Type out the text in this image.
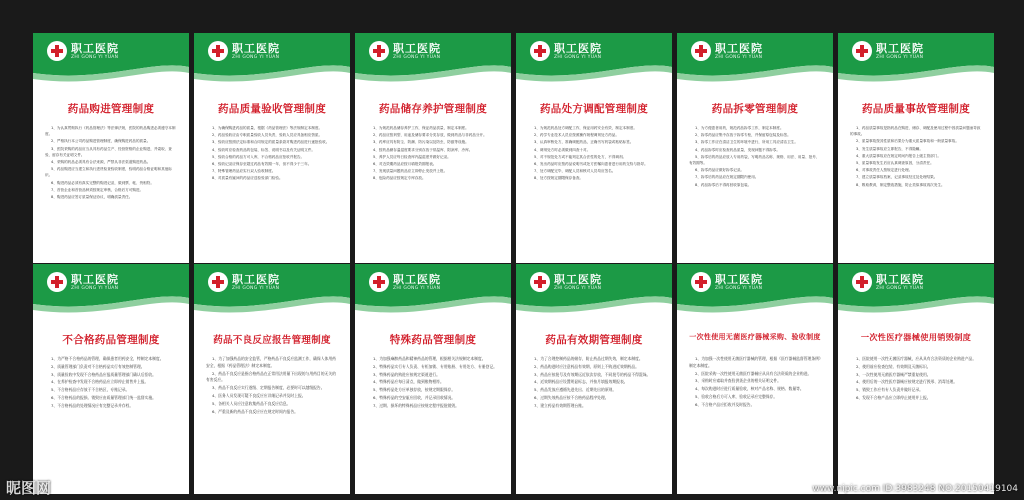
职工医院
ZHI GONG YI YUAN
药品购进管理制度
1、为认真贯彻执行《药品管理法》等法律法规，医院的药品购进必须遵守本制度。
2、严格执行本公司药品购进管理制度，确保购进药品的质量。
3、医院采购的药品应当从具有药品生产、经营资格的企业购进，并索取、查验、留存有关证明文件。
4、采购的药品必须具有合法来源，严禁从非法渠道购进药品。
5、药品购进应当建立和执行进货检查验收制度，验明药品合格证明和其他标识。
6、购进药品必须有真实完整的购进记录，做到票、帐、货相符。
7、首营企业和首营品种须按规定审核，合格后方可购进。
8、购进药品应签订质量保证协议，明确质量责任。
职工医院
ZHI GONG YI YUAN
药品质量验收管理制度
1、为确保购进药品的质量，根据《药品管理法》等法规制定本制度。
2、药品验收应由专职质量验收人员负责，验收人员应具备相应资质。
3、验收应按照法定标准和合同规定的质量条款对购进药品进行逐批验收。
4、验收时应检查药品的包装、标签、说明书以及有关证明文件。
5、验收合格的药品方可入库，不合格药品应拒收并报告。
6、验收记录应保存至超过药品有效期一年，但不得少于三年。
7、特殊管理药品应实行双人验收制度。
8、对质量有疑问的药品应送检验部门检验。
职工医院
ZHI GONG YI YUAN
药品储存养护管理制度
1、为规范药品储存养护工作，保证药品质量，制定本制度。
2、药品应按剂型、用途及储存要求分类存放，做到药品与非药品分开。
3、药库应具有防尘、防潮、防污染以及防虫、防鼠等设施。
4、按药品储存温湿度要求分别存放于常温库、阴凉库、冷库。
5、养护人员应每日检查库内温湿度并做好记录。
6、对近效期药品应按月填报效期报表。
7、发现质量问题药品应立即停止发放并上报。
8、危险药品应按规定专库存放。
职工医院
ZHI GONG YI YUAN
药品处方调配管理制度
1、为规范药品处方调配工作，保证用药安全有效，制定本制度。
2、药学专业技术人员应按照操作规程调剂处方药品。
3、认真审核处方，准确调配药品，正确书写药袋或粘贴标签。
4、调剂处方时必须做到四查十对。
5、对不规范处方或不能判定其合法性的处方，不得调剂。
6、发出药品时应按药品说明书或处方医嘱向患者进行用药交待与指导。
7、处方调配完毕，调配人员和核对人员均应签名。
8、处方按规定期限保存备查。
职工医院
ZHI GONG YI YUAN
药品拆零管理制度
1、为方便患者用药，规范药品拆零工作，制定本制度。
2、拆零药品应集中存放于拆零专柜，并保留原包装及标签。
3、拆零工作应在清洁卫生的环境中进行，所用工具应清洁卫生。
4、药品拆零时应检查药品质量，发现问题不得拆零。
5、拆零后的药品应放入专用药袋，写明药品名称、规格、用法、用量、批号、有效期等。
6、拆零药品应做好拆零记录。
7、拆零后的药品应在规定期限内使用。
8、药品拆零后不得再回收原包装。
职工医院
ZHI GONG YI YUAN
药品质量事故管理制度
1、药品质量事故是指药品在购进、储存、调配及使用过程中因质量问题而导致的事故。
2、质量事故按其性质和后果分为重大质量事故和一般质量事故。
3、发生质量事故应立即报告，不得隐瞒。
4、重大质量事故应在规定时间内报告上级主管部门。
5、质量事故发生后应认真调查原因，分清责任。
6、对事故责任人按规定进行处理。
7、建立质量事故档案，记录事故经过及处理结果。
8、吸取教训，制定整改措施，防止类似事故再次发生。
职工医院
ZHI GONG YI YUAN
不合格药品管理制度
1、为严格不合格药品的管理，确保患者用药安全，特制定本制度。
2、质量管理部门负责对不合格药品实行有效控制管理。
3、质量验收中发现不合格药品应报质量管理部门确认后拒收。
4、在养护检查中发现不合格药品应立即停止销售并上报。
5、不合格药品应存放于不合格区，专账记录。
6、不合格药品的报损、销毁应由质量管理部门统一监督实施。
7、不合格药品的处理情况应有完整记录并存档。
职工医院
ZHI GONG YI YUAN
药品不良反应报告管理制度
1、为了加强药品的安全监管，严格药品不良反应监测工作，确保人体用药安全，根据《药品管理法》制定本制度。
2、药品不良反应是指合格药品在正常用法用量下出现的与用药目的无关的有害反应。
3、药品不良反应实行逐级、定期报告制度，必要时可以越级报告。
4、医务人员发现可疑不良反应应详细记录并及时上报。
5、各相关人员应注意收集药品不良反应信息。
6、严重及新的药品不良反应应在规定时间内报告。
职工医院
ZHI GONG YI YUAN
特殊药品管理制度
1、为加强麻醉药品和精神药品的管理，根据相关法规制定本制度。
2、特殊药品实行专人负责、专柜加锁、专用账册、专用处方、专册登记。
3、特殊药品的购进应按规定渠道进行。
4、特殊药品应每日清点，做到账物相符。
5、特殊药品处方应单独存放，按规定期限保存。
6、特殊药品的空安瓿应回收，并记录回收情况。
7、过期、损坏的特殊药品应按规定程序报批销毁。
职工医院
ZHI GONG YI YUAN
药品有效期管理制度
1、为了合理控制药品的储存，防止药品过期失效，制定本制度。
2、药品购进时应注意药品有效期，原则上不购进近效期药品。
3、药品应按批号及有效期远近依次存放，不同批号的药品不得混垛。
4、近效期药品应设置明显标志，并按月填报效期报表。
5、药品发放应遵循先进先出、近期先出的原则。
6、过期失效药品应按不合格药品程序处理。
7、建立药品有效期管理台账。
职工医院
ZHI GONG YI YUAN
一次性使用无菌医疗器械采购、验收制度
1、为加强一次性使用无菌医疗器械的管理，根据《医疗器械监督管理条例》制定本制度。
2、医院采购一次性使用无菌医疗器械应从具有合法资质的企业购进。
3、采购时应索取并查验供货企业的相关证明文件。
4、每次购进时应进行质量验收，核对产品名称、规格、数量等。
5、验收合格后方可入库，验收记录应完整保存。
6、不合格产品应拒收并及时报告。
职工医院
ZHI GONG YI YUAN
一次性医疗器械使用销毁制度
1、医院使用一次性无菌医疗器械，应从具有合法资质的企业购进产品。
2、使用前应检查包装、有效期及灭菌标识。
3、一次性使用无菌医疗器械严禁重复使用。
4、使用后的一次性医疗器械应按规定进行毁形、消毒处理。
5、销毁工作应有专人负责并做好记录。
6、发现不合格产品应立即停止使用并上报。
昵图网	www.nipic.com ID:3983248 NO:20150419104
